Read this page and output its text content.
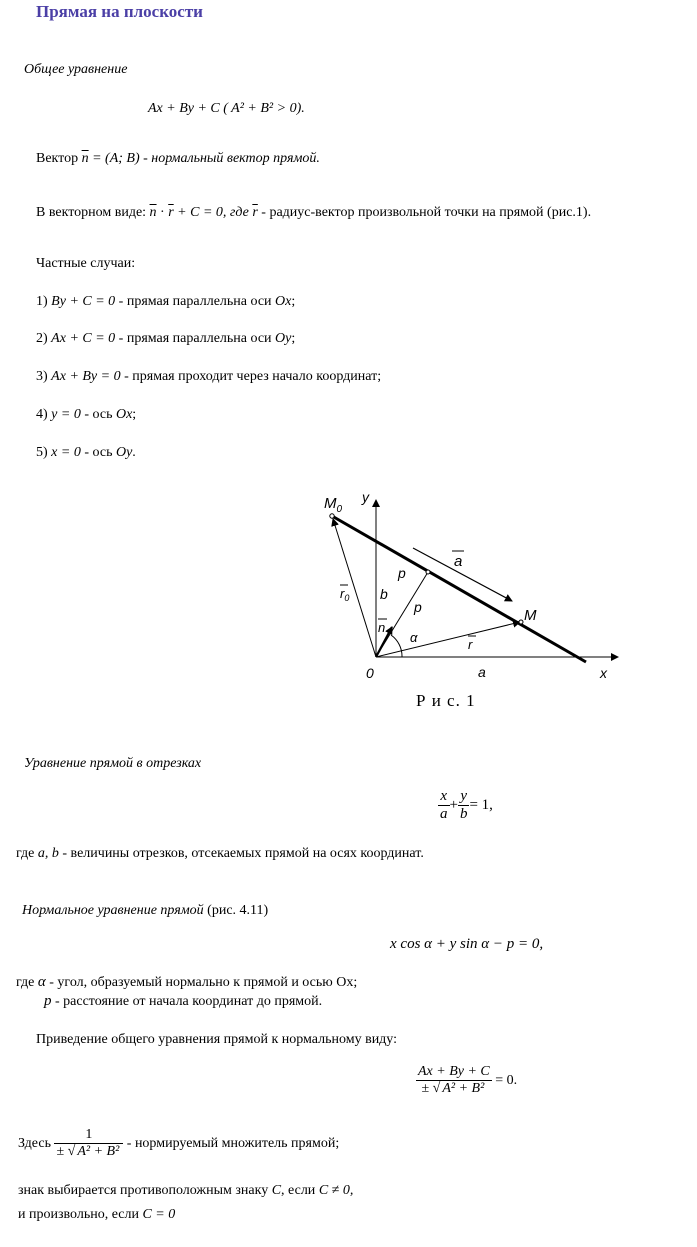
Прямая на плоскости
Общее уравнение
Ax + By + C ( A² + B² > 0).
Вектор $\overline{n} = (A$; B) - нормальный вектор прямой.
В векторном виде: $\overline{n} \cdot \overline{r} + C = 0$, где $\overline{r}$ - радиус-вектор произвольной точки на прямой (рис.1).
Частные случаи:
1) By + C = 0 - прямая параллельна оси Ox;
2) Ax + C = 0 - прямая параллельна оси Oy;
3) Ax + By = 0 - прямая проходит через начало координат;
4) y = 0 - ось Ox;
5) x = 0 - ось Oy.
$M_0$
y
x
0
M
a
a
b
p
p
n
α	r
$r_0$
Р и с. 1
Уравнение прямой в отрезках
$\frac{x}{a} + \frac{y}{b} = 1$,
где a, b - величины отрезков, отсекаемых прямой на осях координат.
Нормальное уравнение прямой (рис. 4.11)
x cos α + y sin α − p = 0,
где α - угол, образуемый нормально к прямой и осью Ox;
p - расстояние от начала координат до прямой.
Приведение общего уравнения прямой к нормальному виду:
$\frac{Ax + By + C}{\text{± √ A² + B²}} = 0$.
Здесь $\frac{1}{\text{± √ A² + B²}}$ - нормируемый множитель прямой;
знак выбирается противоположным знаку C, если C ≠ 0,
и произвольно, если C = 0
